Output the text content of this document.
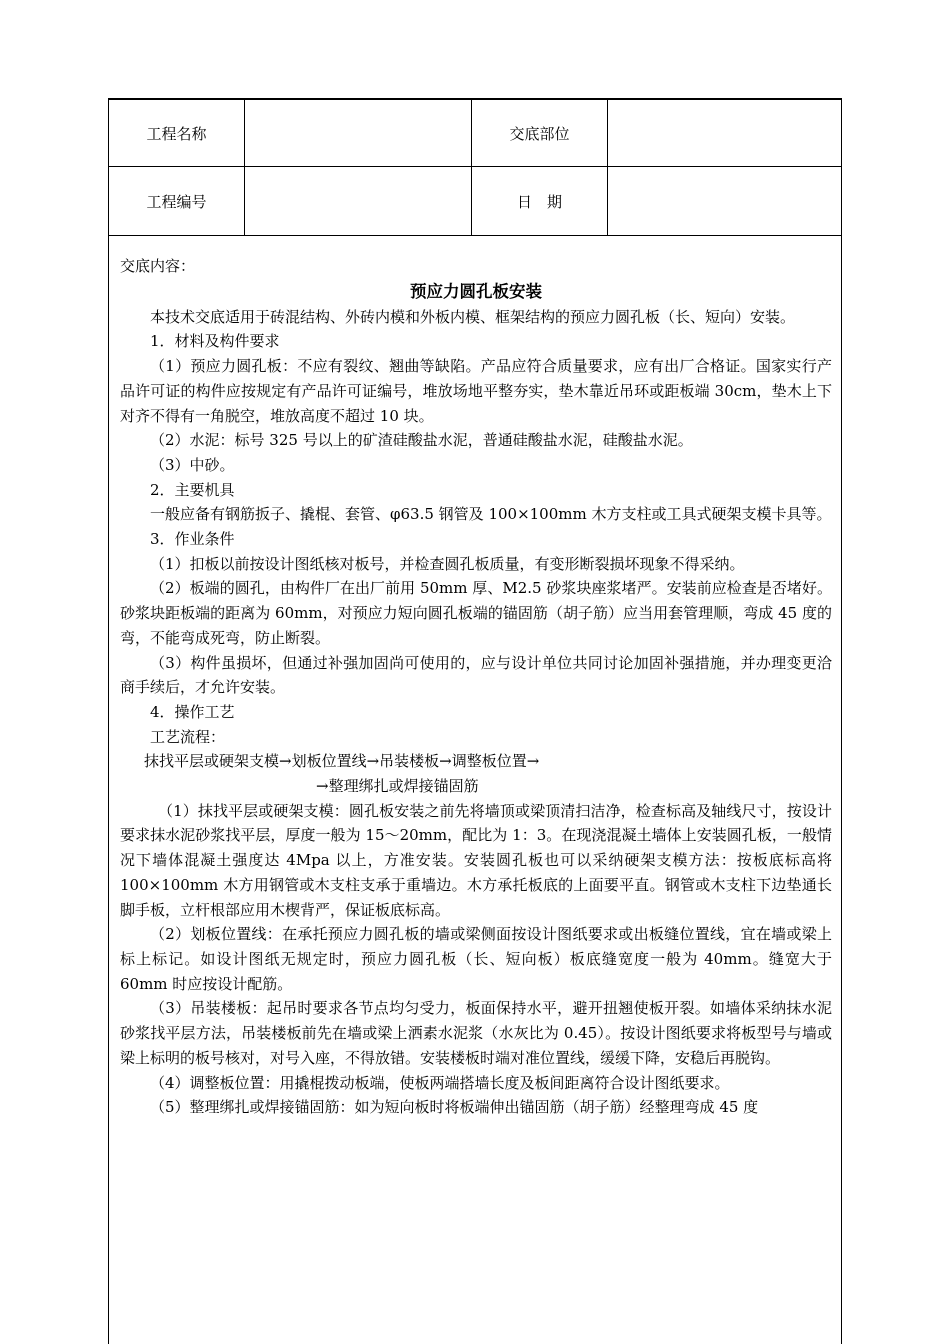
工程名称	交底部位
工程编号	日　期

交底内容：

预应力圆孔板安装

本技术交底适用于砖混结构、外砖内模和外板内模、框架结构的预应力圆孔板（长、短向）安装。

1．材料及构件要求

（1）预应力圆孔板：不应有裂纹、翘曲等缺陷。产品应符合质量要求，应有出厂合格证。国家实行产品许可证的构件应按规定有产品许可证编号，堆放场地平整夯实，垫木靠近吊环或距板端 30cm，垫木上下对齐不得有一角脱空，堆放高度不超过 10 块。

（2）水泥：标号 325 号以上的矿渣硅酸盐水泥，普通硅酸盐水泥，硅酸盐水泥。

（3）中砂。

2．主要机具

一般应备有钢筋扳子、撬棍、套管、φ63.5 钢管及 100×100mm 木方支柱或工具式硬架支模卡具等。

3．作业条件

（1）扣板以前按设计图纸核对板号，并检查圆孔板质量，有变形断裂损坏现象不得采纳。

（2）板端的圆孔，由构件厂在出厂前用 50mm 厚、M2.5 砂浆块座浆堵严。安装前应检查是否堵好。砂浆块距板端的距离为 60mm，对预应力短向圆孔板端的锚固筋（胡子筋）应当用套管理顺，弯成 45 度的弯，不能弯成死弯，防止断裂。

（3）构件虽损坏，但通过补强加固尚可使用的，应与设计单位共同讨论加固补强措施，并办理变更洽商手续后，才允许安装。

4．操作工艺

工艺流程：

抹找平层或硬架支模→划板位置线→吊装楼板→调整板位置→

→整理绑扎或焊接锚固筋

（1）抹找平层或硬架支模：圆孔板安装之前先将墙顶或梁顶清扫洁净，检查标高及轴线尺寸，按设计要求抹水泥砂浆找平层，厚度一般为 15～20mm，配比为 1：3。在现浇混凝土墙体上安装圆孔板，一般情况下墙体混凝土强度达 4Mpa 以上，方准安装。安装圆孔板也可以采纳硬架支模方法：按板底标高将 100×100mm 木方用钢管或木支柱支承于重墙边。木方承托板底的上面要平直。钢管或木支柱下边垫通长脚手板，立杆根部应用木楔背严，保证板底标高。

（2）划板位置线：在承托预应力圆孔板的墙或梁侧面按设计图纸要求或出板缝位置线，宜在墙或梁上标上标记。如设计图纸无规定时，预应力圆孔板（长、短向板）板底缝宽度一般为 40mm。缝宽大于 60mm 时应按设计配筋。

（3）吊装楼板：起吊时要求各节点均匀受力，板面保持水平，避开扭翘使板开裂。如墙体采纳抹水泥砂浆找平层方法，吊装楼板前先在墙或梁上洒素水泥浆（水灰比为 0.45）。按设计图纸要求将板型号与墙或梁上标明的板号核对，对号入座，不得放错。安装楼板时端对准位置线，缓缓下降，安稳后再脱钩。

（4）调整板位置：用撬棍拨动板端，使板两端搭墙长度及板间距离符合设计图纸要求。

（5）整理绑扎或焊接锚固筋：如为短向板时将板端伸出锚固筋（胡子筋）经整理弯成 45 度
